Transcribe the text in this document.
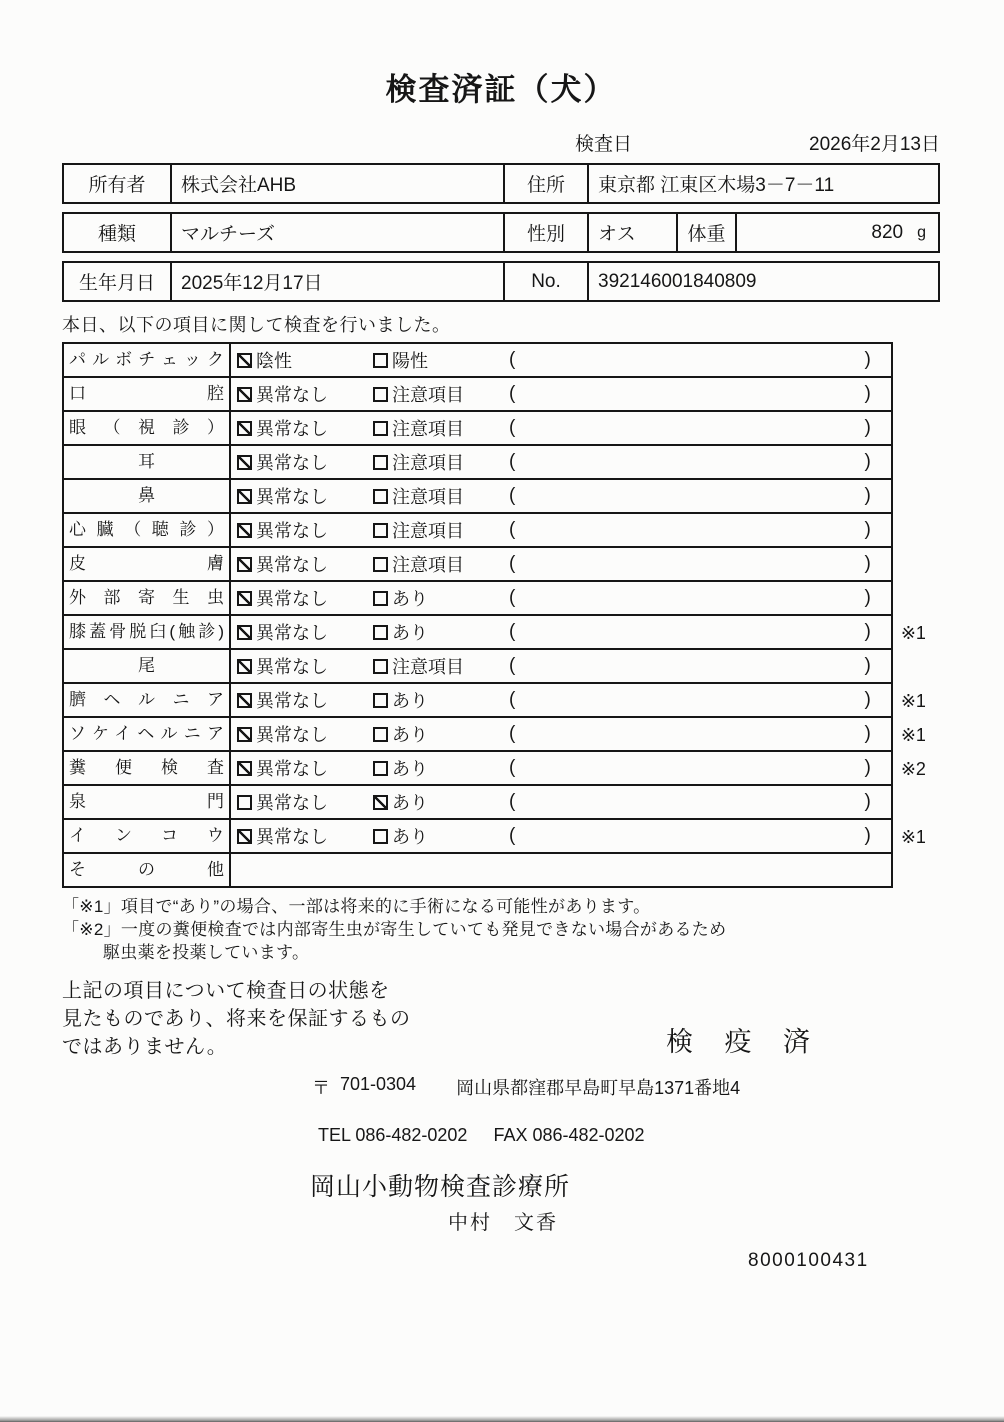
検査済証（犬）
検査日	2026年2月13日
所有者	株式会社AHB	住所	東京都 江東区木場3－7－11
種類	マルチーズ	性別	オス	体重	820 g
生年月日	2025年12月17日	No.	392146001840809
本日、以下の項目に関して検査を行いました。
パルボチェック	陰性	陽性	(	)
口腔	異常なし	注意項目 (	)
眼（視診）	異常なし	注意項目 (	)
耳	異常なし	注意項目 (	)
鼻	異常なし	注意項目 (	)
心臓（聴診）	異常なし	注意項目 (	)
皮膚	異常なし	注意項目 (	)
外部寄生虫	異常なし	あり	(	)
膝蓋骨脱臼(触診)	異常なし	あり	(	)	※1
尾	異常なし	注意項目 (	)
臍ヘルニア	異常なし	あり	(	)	※1
ソケイヘルニア	異常なし	あり	(	)	※1
糞便検査	異常なし	あり	(	)	※2
泉門	異常なし	あり	(	)
インコウ	異常なし	あり	(	)	※1
その他
「※1」項目で“あり”の場合、一部は将来的に手術になる可能性があります。
「※2」一度の糞便検査では内部寄生虫が寄生していても発見できない場合があるため
駆虫薬を投薬しています。
上記の項目について検査日の状態を
見たものであり、将来を保証するもの
ではありません。	検 疫 済
〒 701-0304 岡山県都窪郡早島町早島1371番地4
TEL 086-482-0202 FAX 086-482-0202
岡山小動物検査診療所
中村　文香
8000100431
